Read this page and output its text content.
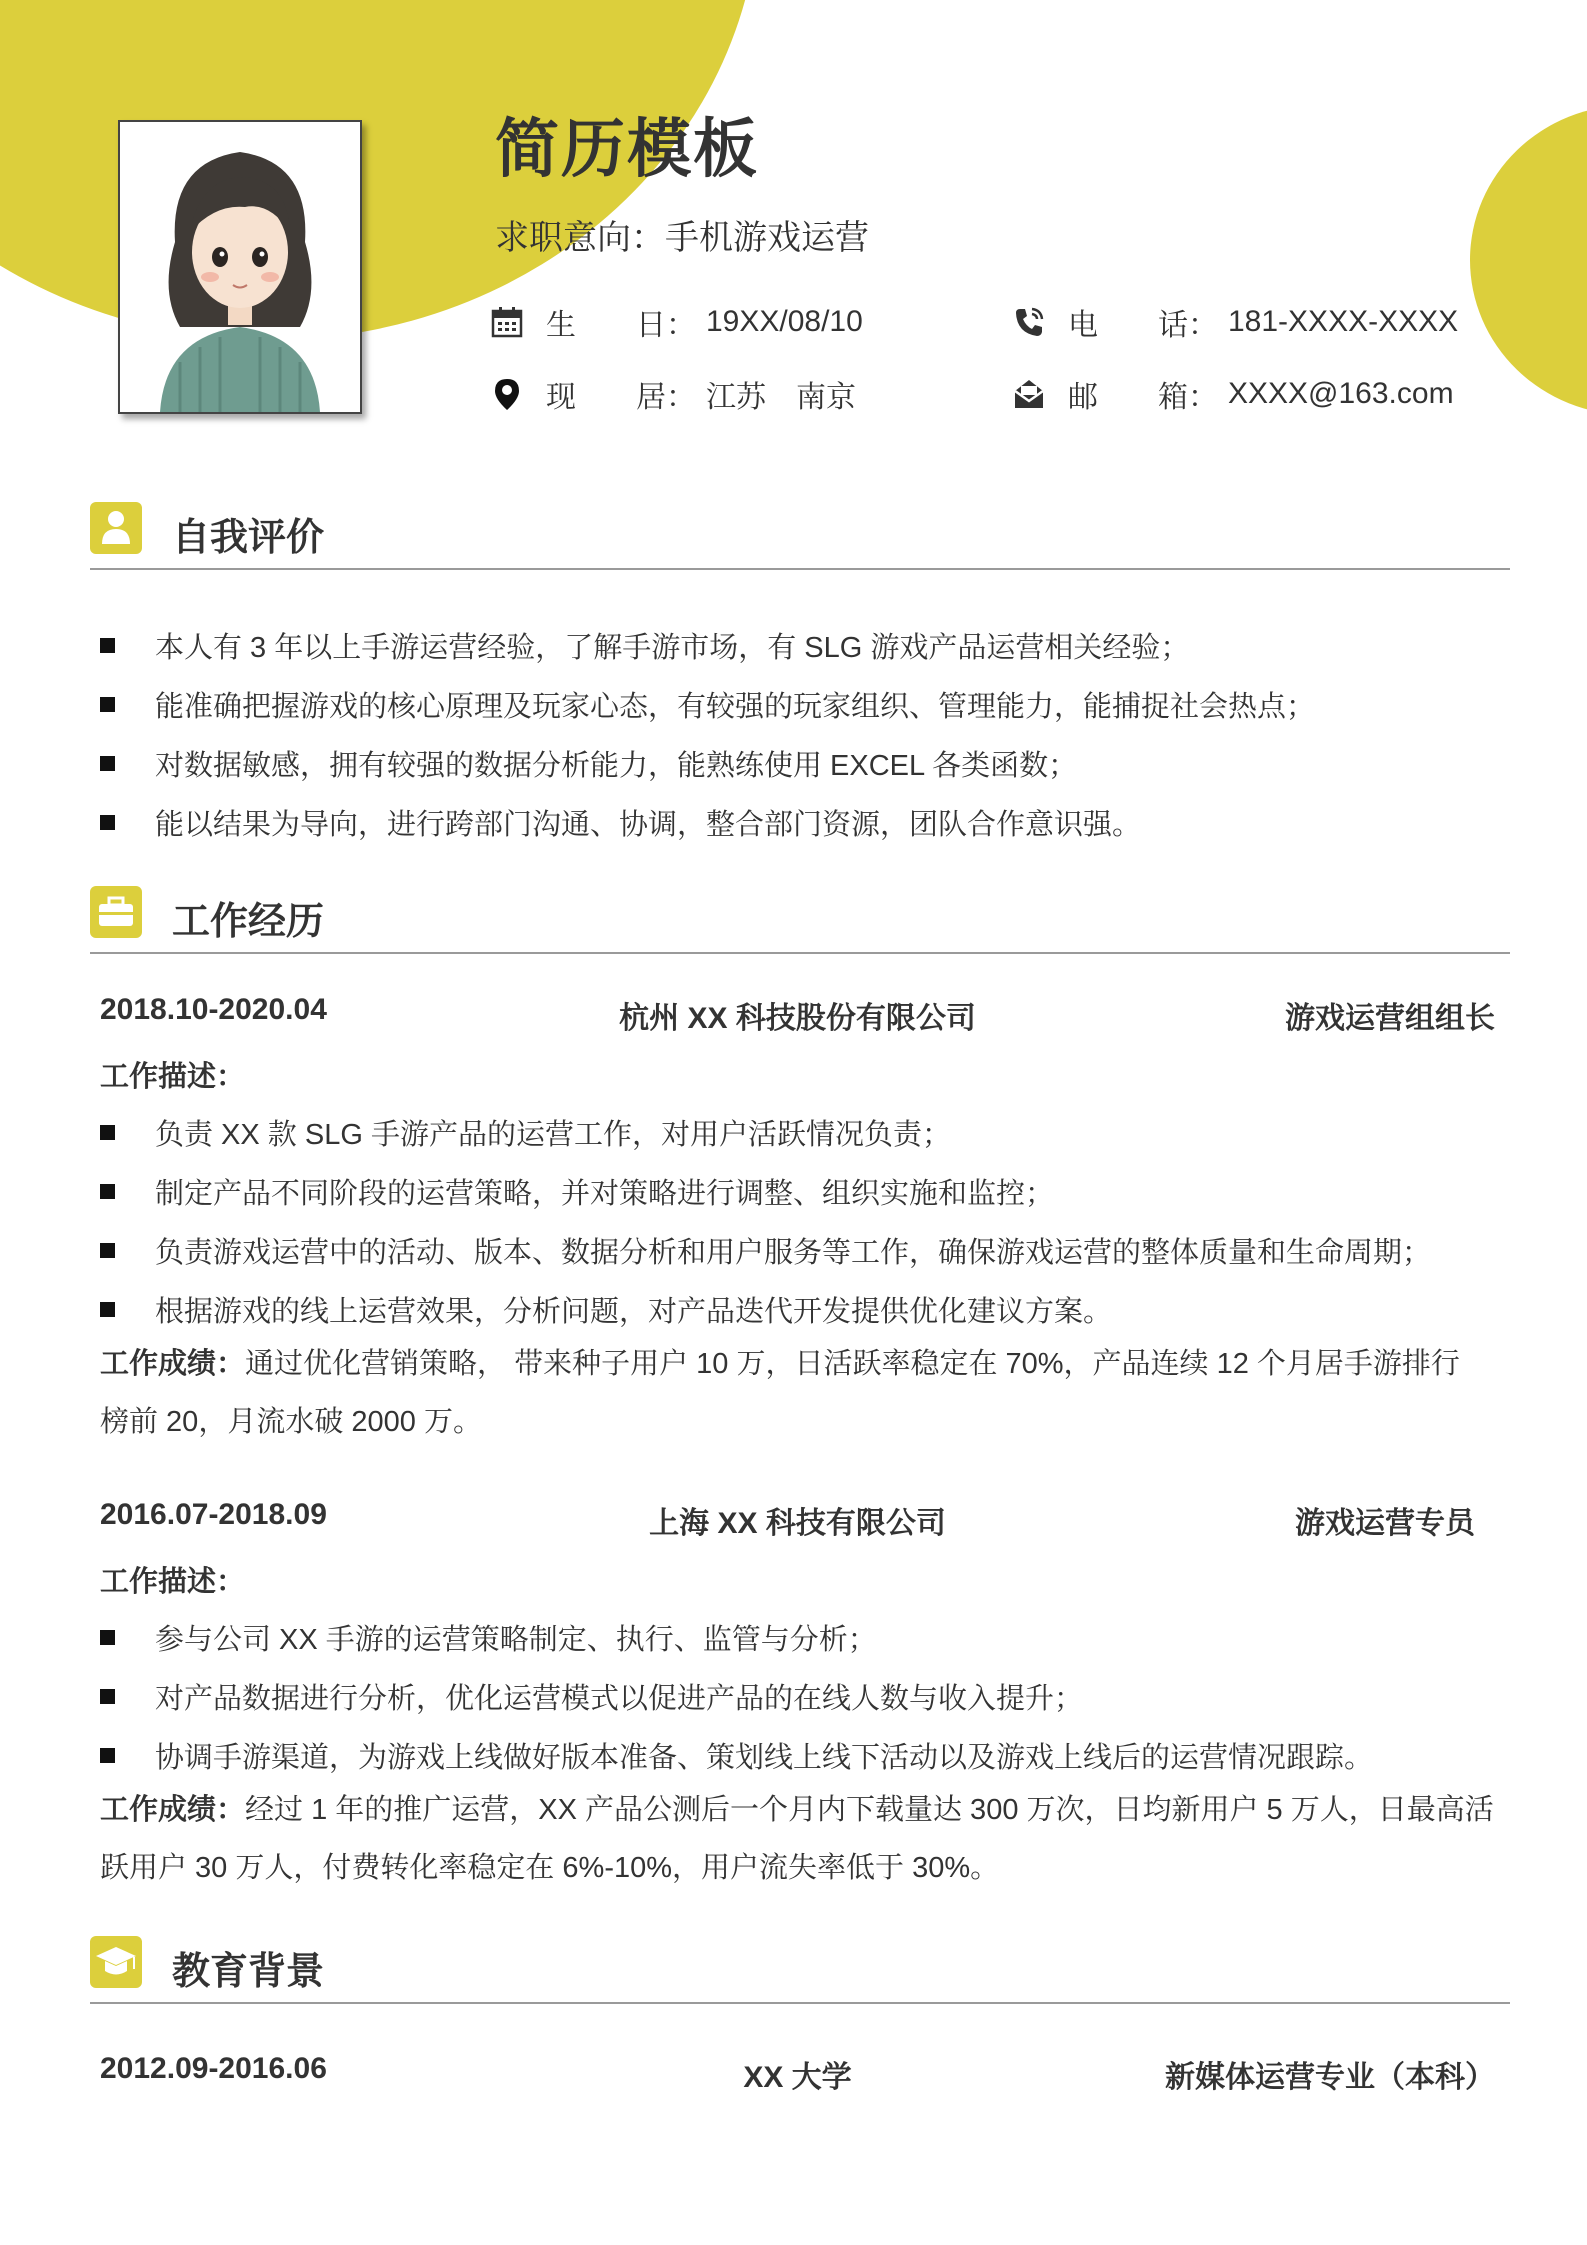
简历模板
求职意向：手机游戏运营
生　　日： 19XX/08/10	电　　话： 181-XXXX-XXXX
现　　居： 江苏　南京	邮　　箱： XXXX@163.com
自我评价
本人有 3 年以上手游运营经验，了解手游市场，有 SLG 游戏产品运营相关经验；
能准确把握游戏的核心原理及玩家心态，有较强的玩家组织、管理能力，能捕捉社会热点；
对数据敏感，拥有较强的数据分析能力，能熟练使用 EXCEL 各类函数；
能以结果为导向，进行跨部门沟通、协调，整合部门资源，团队合作意识强。
工作经历
2018.10-2020.04	杭州 XX 科技股份有限公司	游戏运营组组长
工作描述：
负责 XX 款 SLG 手游产品的运营工作，对用户活跃情况负责；
制定产品不同阶段的运营策略，并对策略进行调整、组织实施和监控；
负责游戏运营中的活动、版本、数据分析和用户服务等工作，确保游戏运营的整体质量和生命周期；
根据游戏的线上运营效果，分析问题，对产品迭代开发提供优化建议方案。
工作成绩：通过优化营销策略， 带来种子用户 10 万，日活跃率稳定在 70%，产品连续 12 个月居手游排行
榜前 20，月流水破 2000 万。
2016.07-2018.09	上海 XX 科技有限公司	游戏运营专员
工作描述：
参与公司 XX 手游的运营策略制定、执行、监管与分析；
对产品数据进行分析，优化运营模式以促进产品的在线人数与收入提升；
协调手游渠道，为游戏上线做好版本准备、策划线上线下活动以及游戏上线后的运营情况跟踪。
工作成绩：经过 1 年的推广运营，XX 产品公测后一个月内下载量达 300 万次，日均新用户 5 万人，日最高活
跃用户 30 万人，付费转化率稳定在 6%-10%，用户流失率低于 30%。
教育背景
2012.09-2016.06	XX 大学	新媒体运营专业（本科）
